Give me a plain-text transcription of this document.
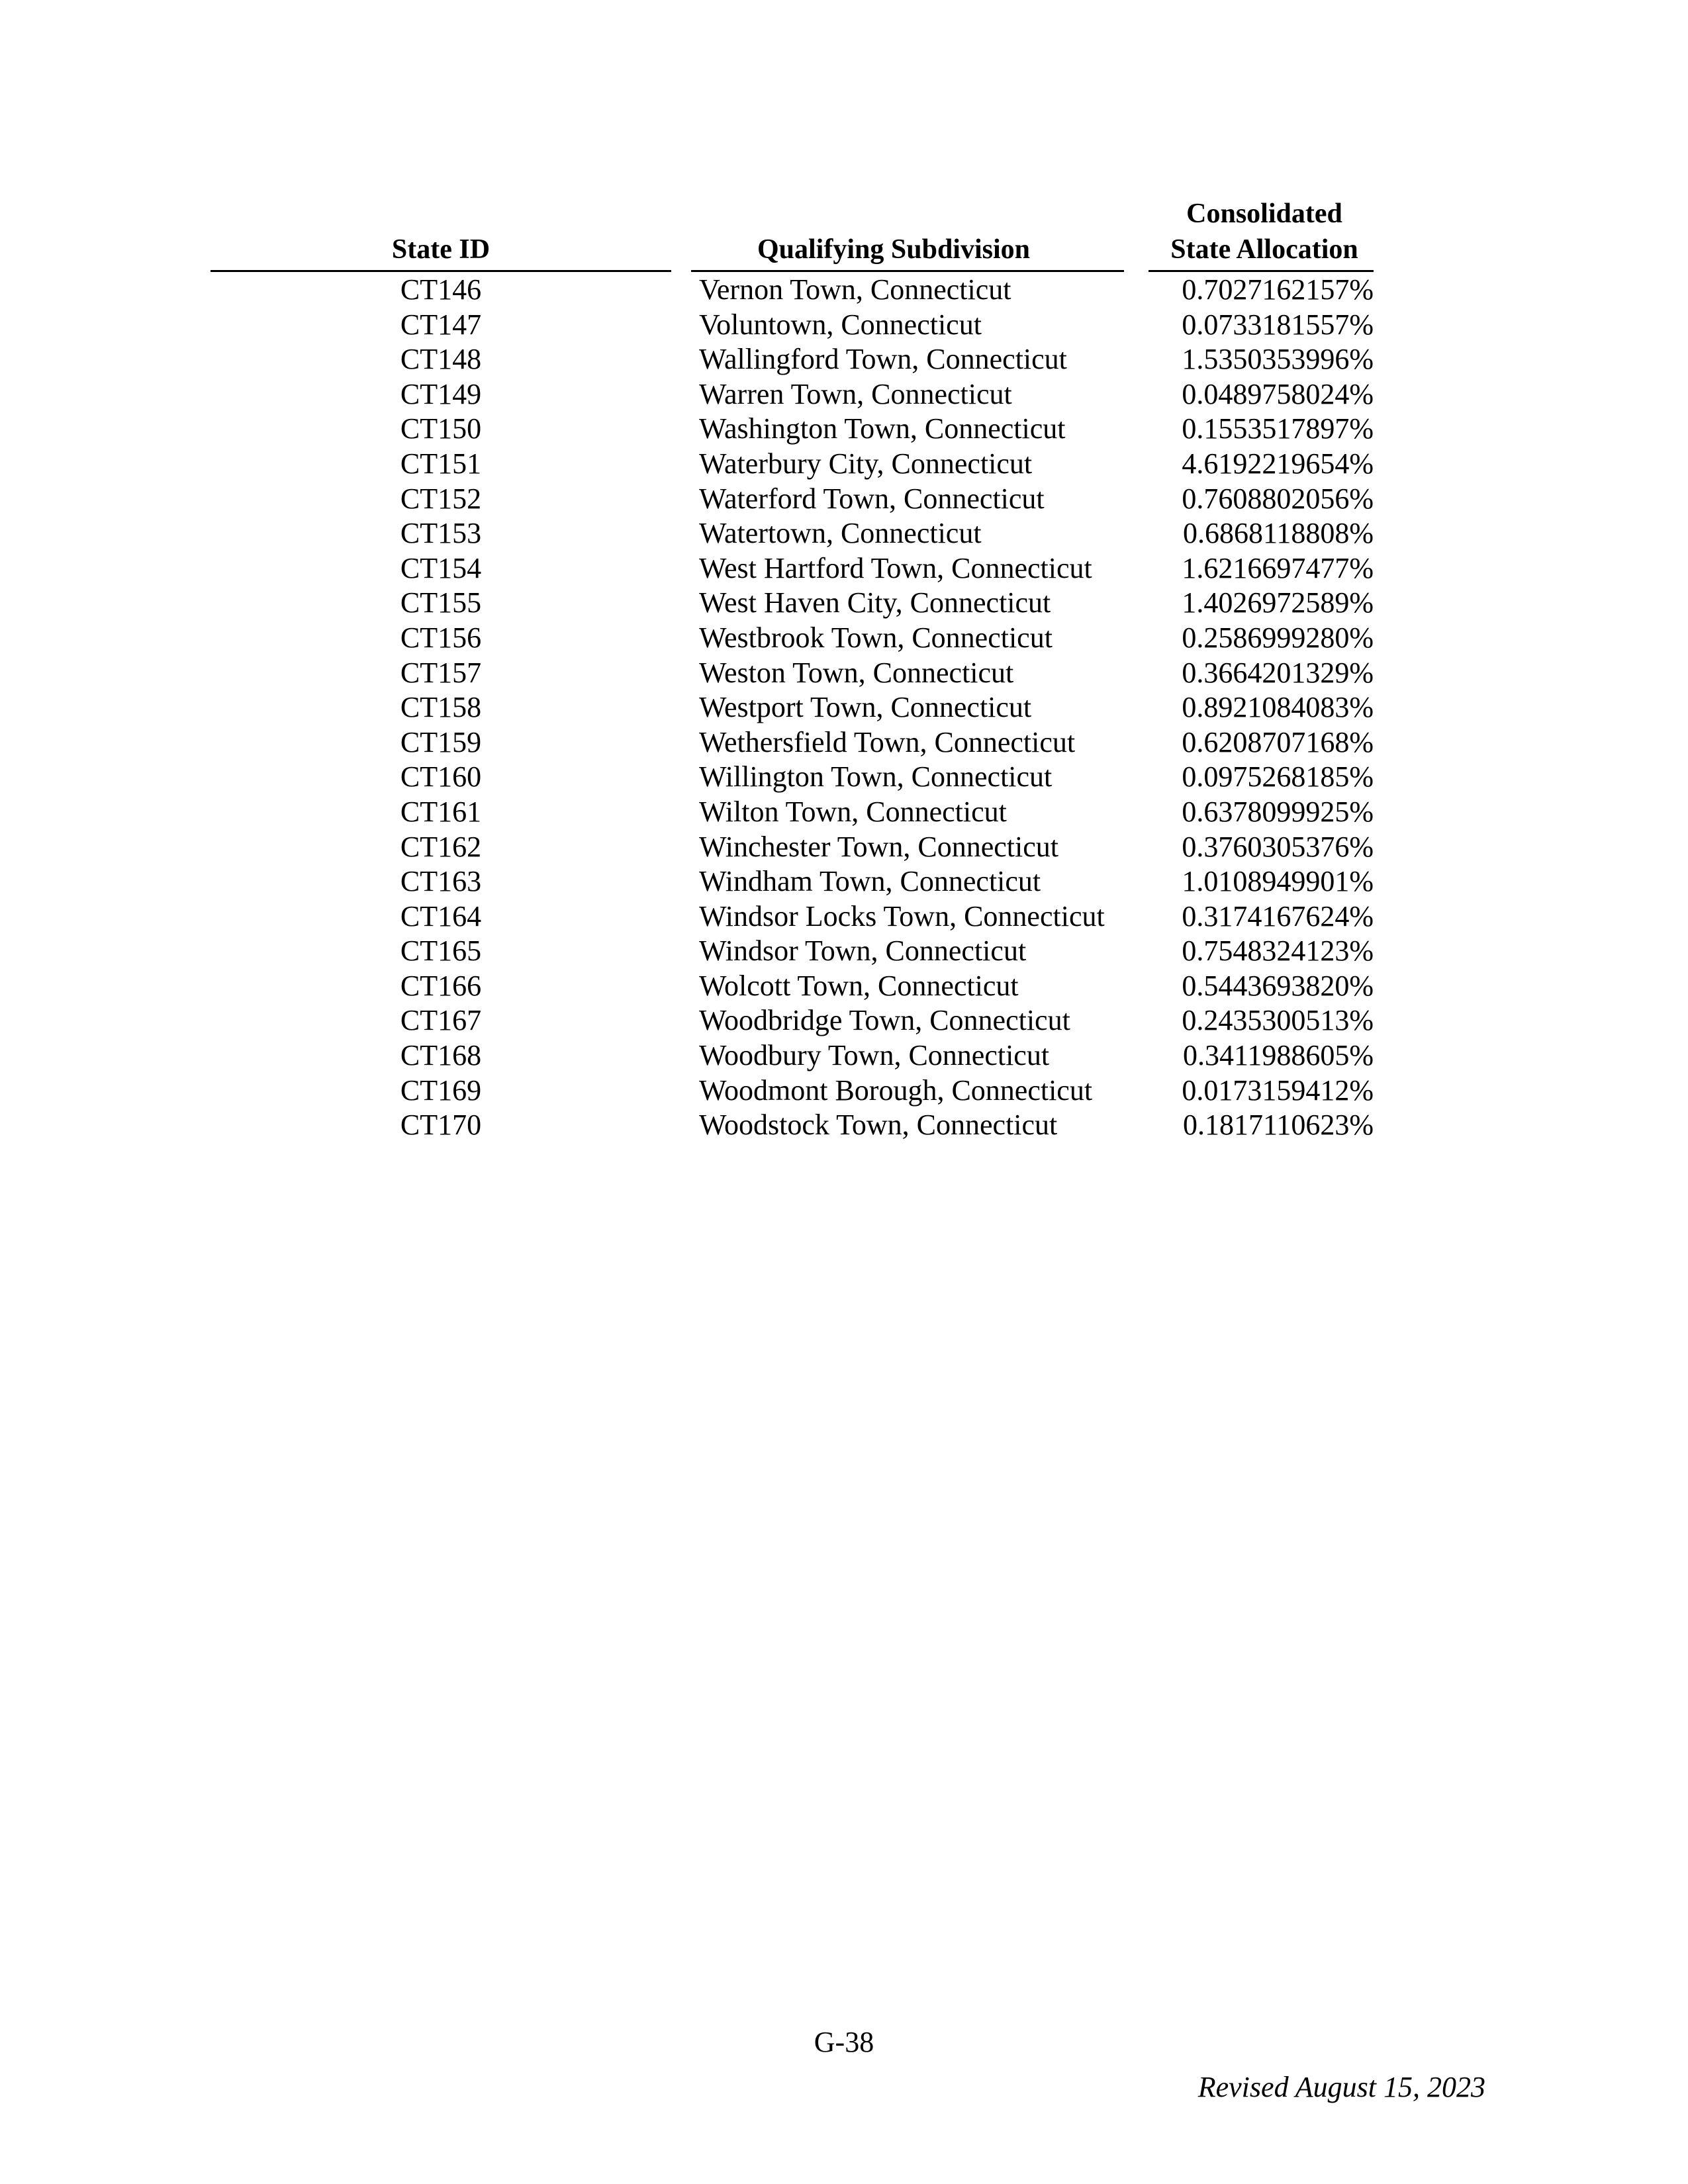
State ID	Qualifying Subdivision
Consolidated
State Allocation
CT146	Vernon Town, Connecticut	0.7027162157%
CT147	Voluntown, Connecticut	0.0733181557%
CT148	Wallingford Town, Connecticut	1.5350353996%
CT149	Warren Town, Connecticut	0.0489758024%
CT150	Washington Town, Connecticut	0.1553517897%
CT151	Waterbury City, Connecticut	4.6192219654%
CT152	Waterford Town, Connecticut	0.7608802056%
CT153	Watertown, Connecticut	0.6868118808%
CT154	West Hartford Town, Connecticut	1.6216697477%
CT155	West Haven City, Connecticut	1.4026972589%
CT156	Westbrook Town, Connecticut	0.2586999280%
CT157	Weston Town, Connecticut	0.3664201329%
CT158	Westport Town, Connecticut	0.8921084083%
CT159	Wethersfield Town, Connecticut	0.6208707168%
CT160	Willington Town, Connecticut	0.0975268185%
CT161	Wilton Town, Connecticut	0.6378099925%
CT162	Winchester Town, Connecticut	0.3760305376%
CT163	Windham Town, Connecticut	1.0108949901%
CT164	Windsor Locks Town, Connecticut	0.3174167624%
CT165	Windsor Town, Connecticut	0.7548324123%
CT166	Wolcott Town, Connecticut	0.5443693820%
CT167	Woodbridge Town, Connecticut	0.2435300513%
CT168	Woodbury Town, Connecticut	0.3411988605%
CT169	Woodmont Borough, Connecticut	0.0173159412%
CT170	Woodstock Town, Connecticut	0.1817110623%
G-38
Revised August 15, 2023
